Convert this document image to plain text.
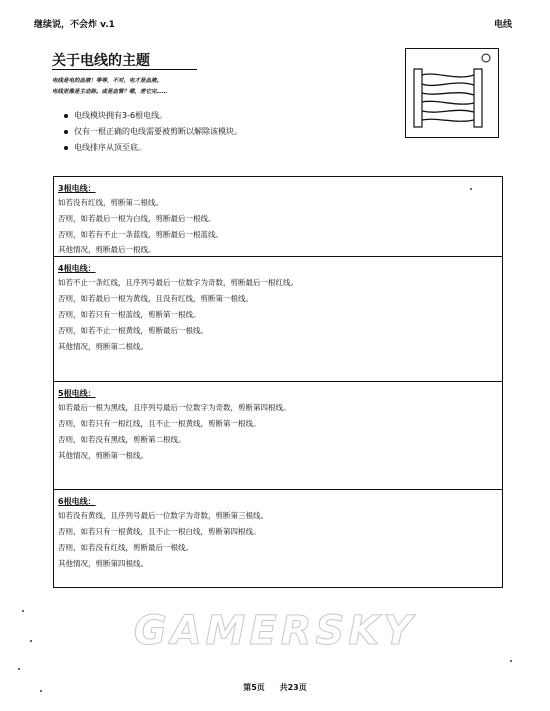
继续说，不会炸 v.1	电线
关于电线的主题
电线是电的血液！等等，不对，电才是血液。
电线更像是主动脉。或是血管？嗯，差它完……
电线模块拥有3-6根电线。
仅有一根正确的电线需要被剪断以解除该模块。
电线排序从顶至底。
3根电线：
如若没有红线，剪断第二根线。
否则，如若最后一根为白线，剪断最后一根线。
否则，如若有不止一条蓝线，剪断最后一根蓝线。
其他情况，剪断最后一根线。
4根电线：
如若不止一条红线，且序列号最后一位数字为奇数，剪断最后一根红线。
否则，如若最后一根为黄线，且没有红线，剪断第一根线。
否则，如若只有一根蓝线，剪断第一根线。
否则，如若不止一根黄线，剪断最后一根线。
其他情况，剪断第二根线。
5根电线：
如若最后一根为黑线，且序列号最后一位数字为奇数，剪断第四根线。
否则，如若只有一根红线，且不止一根黄线，剪断第一根线。
否则，如若没有黑线，剪断第二根线。
其他情况，剪断第一根线。
6根电线：
如若没有黄线，且序列号最后一位数字为奇数，剪断第三根线。
否则，如若只有一根黄线，且不止一根白线，剪断第四根线。
否则，如若没有红线，剪断最后一根线。
其他情况，剪断第四根线。
GAMERSKY
第5页 共23页
